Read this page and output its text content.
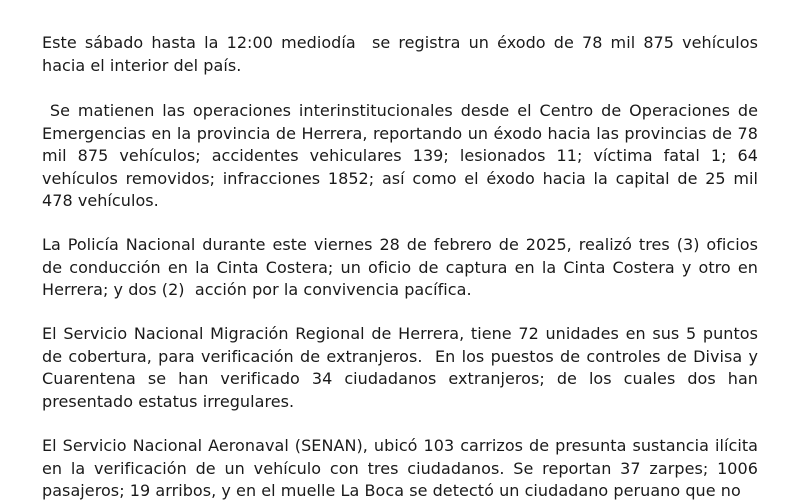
Este sábado hasta la 12:00 mediodía  se registra un éxodo de 78 mil 875 vehículos hacia el interior del país.

Se matienen las operaciones interinstitucionales desde el Centro de Operaciones de Emergencias en la provincia de Herrera, reportando un éxodo hacia las provincias de 78 mil 875 vehículos; accidentes vehiculares 139; lesionados 11; víctima fatal 1; 64 vehículos removidos; infracciones 1852; así como el éxodo hacia la capital de 25 mil 478 vehículos.

La Policía Nacional durante este viernes 28 de febrero de 2025, realizó tres (3) oficios de conducción en la Cinta Costera; un oficio de captura en la Cinta Costera y otro en Herrera; y dos (2)  acción por la convivencia pacífica.

El Servicio Nacional Migración Regional de Herrera, tiene 72 unidades en sus 5 puntos de cobertura, para verificación de extranjeros.  En los puestos de controles de Divisa y Cuarentena se han verificado 34 ciudadanos extranjeros; de los cuales dos han presentado estatus irregulares.

El Servicio Nacional Aeronaval (SENAN), ubicó 103 carrizos de presunta sustancia ilícita en la verificación de un vehículo con tres ciudadanos. Se reportan 37 zarpes; 1006 pasajeros; 19 arribos, y en el muelle La Boca se detectó un ciudadano peruano que no
